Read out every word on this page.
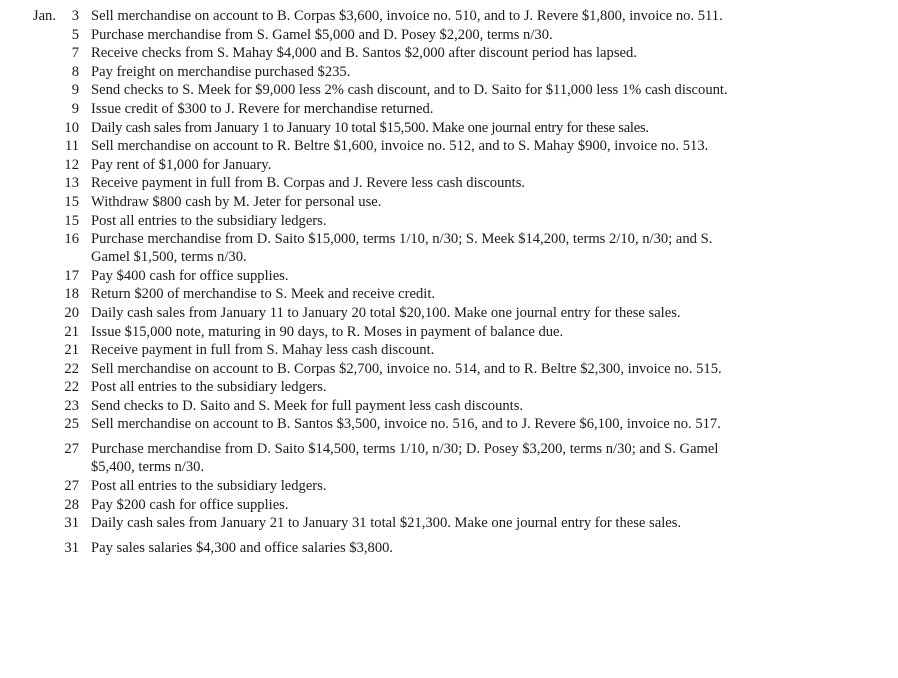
Jan.	3 Sell merchandise on account to B. Corpas $3,600, invoice no. 510, and to J. Revere $1,800, invoice no. 511.
5 Purchase merchandise from S. Gamel $5,000 and D. Posey $2,200, terms n/30.
7 Receive checks from S. Mahay $4,000 and B. Santos $2,000 after discount period has lapsed.
8 Pay freight on merchandise purchased $235.
9 Send checks to S. Meek for $9,000 less 2% cash discount, and to D. Saito for $11,000 less 1% cash discount.
9 Issue credit of $300 to J. Revere for merchandise returned.
10 Daily cash sales from January 1 to January 10 total $15,500. Make one journal entry for these sales.
11 Sell merchandise on account to R. Beltre $1,600, invoice no. 512, and to S. Mahay $900, invoice no. 513.
12 Pay rent of $1,000 for January.
13 Receive payment in full from B. Corpas and J. Revere less cash discounts.
15 Withdraw $800 cash by M. Jeter for personal use.
15 Post all entries to the subsidiary ledgers.
16 Purchase merchandise from D. Saito $15,000, terms 1/10, n/30; S. Meek $14,200, terms 2/10, n/30; and S. Gamel $1,500, terms n/30.
17 Pay $400 cash for office supplies.
18 Return $200 of merchandise to S. Meek and receive credit.
20 Daily cash sales from January 11 to January 20 total $20,100. Make one journal entry for these sales.
21 Issue $15,000 note, maturing in 90 days, to R. Moses in payment of balance due.
21 Receive payment in full from S. Mahay less cash discount.
22 Sell merchandise on account to B. Corpas $2,700, invoice no. 514, and to R. Beltre $2,300, invoice no. 515.
22 Post all entries to the subsidiary ledgers.
23 Send checks to D. Saito and S. Meek for full payment less cash discounts.
25 Sell merchandise on account to B. Santos $3,500, invoice no. 516, and to J. Revere $6,100, invoice no. 517.
27 Purchase merchandise from D. Saito $14,500, terms 1/10, n/30; D. Posey $3,200, terms n/30; and S. Gamel $5,400, terms n/30.
27 Post all entries to the subsidiary ledgers.
28 Pay $200 cash for office supplies.
31 Daily cash sales from January 21 to January 31 total $21,300. Make one journal entry for these sales.
31 Pay sales salaries $4,300 and office salaries $3,800.
